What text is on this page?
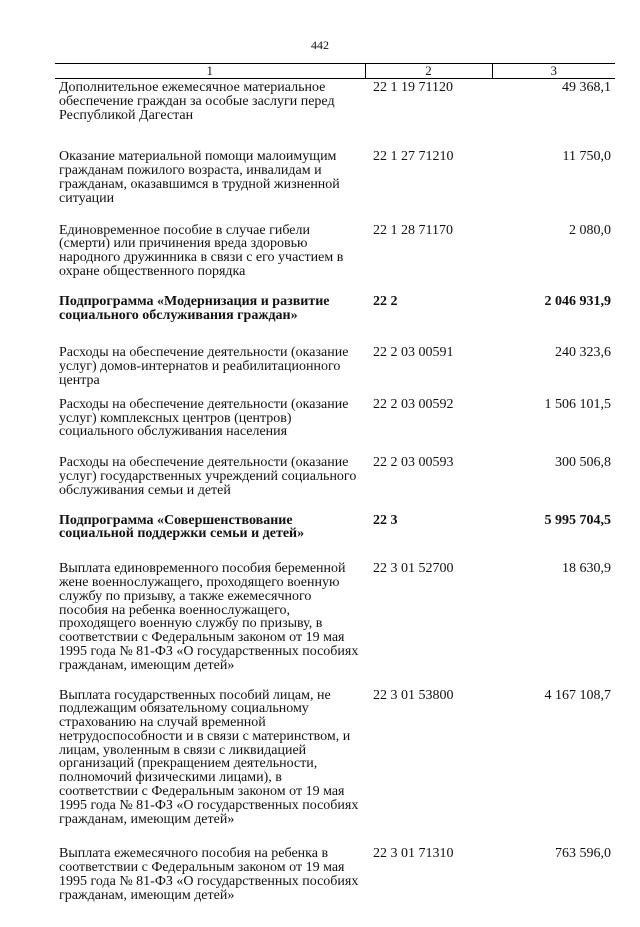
442
1	2	3
Дополнительное ежемесячное материальное обеспечение граждан за особые заслуги перед Республикой Дагестан	22 1 19 71120	49 368,1
Оказание материальной помощи малоимущим гражданам пожилого возраста, инвалидам и гражданам, оказавшимся в трудной жизненной ситуации	22 1 27 71210	11 750,0
Единовременное пособие в случае гибели (смерти) или причинения вреда здоровью народного дружинника в связи с его участием в охране общественного порядка	22 1 28 71170	2 080,0
Подпрограмма «Модернизация и развитие социального обслуживания граждан»	22 2	2 046 931,9
Расходы на обеспечение деятельности (оказание услуг) домов-интернатов и реабилитационного центра	22 2 03 00591	240 323,6
Расходы на обеспечение деятельности (оказание услуг) комплексных центров (центров) социального обслуживания населения	22 2 03 00592	1 506 101,5
Расходы на обеспечение деятельности (оказание услуг) государственных учреждений социального обслуживания семьи и детей	22 2 03 00593	300 506,8
Подпрограмма «Совершенствование социальной поддержки семьи и детей»	22 3	5 995 704,5
Выплата единовременного пособия беременной жене военнослужащего, проходящего военную службу по призыву, а также ежемесячного пособия на ребенка военнослужащего, проходящего военную службу по призыву, в соответствии с Федеральным законом от 19 мая 1995 года № 81-ФЗ «О государственных пособиях гражданам, имеющим детей»	22 3 01 52700	18 630,9
Выплата государственных пособий лицам, не подлежащим обязательному социальному страхованию на случай временной нетрудоспособности и в связи с материнством, и лицам, уволенным в связи с ликвидацией организаций (прекращением деятельности, полномочий физическими лицами), в соответствии с Федеральным законом от 19 мая 1995 года № 81-ФЗ «О государственных пособиях гражданам, имеющим детей»	22 3 01 53800	4 167 108,7
Выплата ежемесячного пособия на ребенка в соответствии с Федеральным законом от 19 мая 1995 года № 81-ФЗ «О государственных пособиях гражданам, имеющим детей»	22 3 01 71310	763 596,0
